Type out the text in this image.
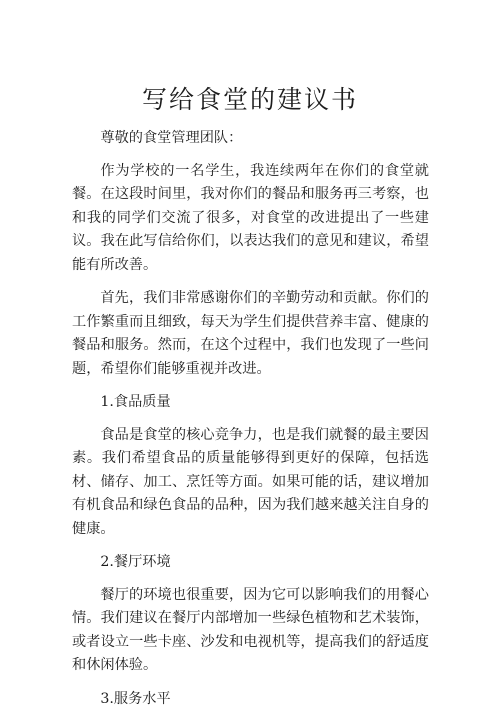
写给食堂的建议书

尊敬的食堂管理团队：

作为学校的一名学生，我连续两年在你们的食堂就餐。在这段时间里，我对你们的餐品和服务再三考察，也和我的同学们交流了很多，对食堂的改进提出了一些建议。我在此写信给你们，以表达我们的意见和建议，希望能有所改善。

首先，我们非常感谢你们的辛勤劳动和贡献。你们的工作繁重而且细致，每天为学生们提供营养丰富、健康的餐品和服务。然而，在这个过程中，我们也发现了一些问题，希望你们能够重视并改进。

1.食品质量

食品是食堂的核心竞争力，也是我们就餐的最主要因素。我们希望食品的质量能够得到更好的保障，包括选材、储存、加工、烹饪等方面。如果可能的话，建议增加有机食品和绿色食品的品种，因为我们越来越关注自身的健康。

2.餐厅环境

餐厅的环境也很重要，因为它可以影响我们的用餐心情。我们建议在餐厅内部增加一些绿色植物和艺术装饰，或者设立一些卡座、沙发和电视机等，提高我们的舒适度和休闲体验。

3.服务水平
